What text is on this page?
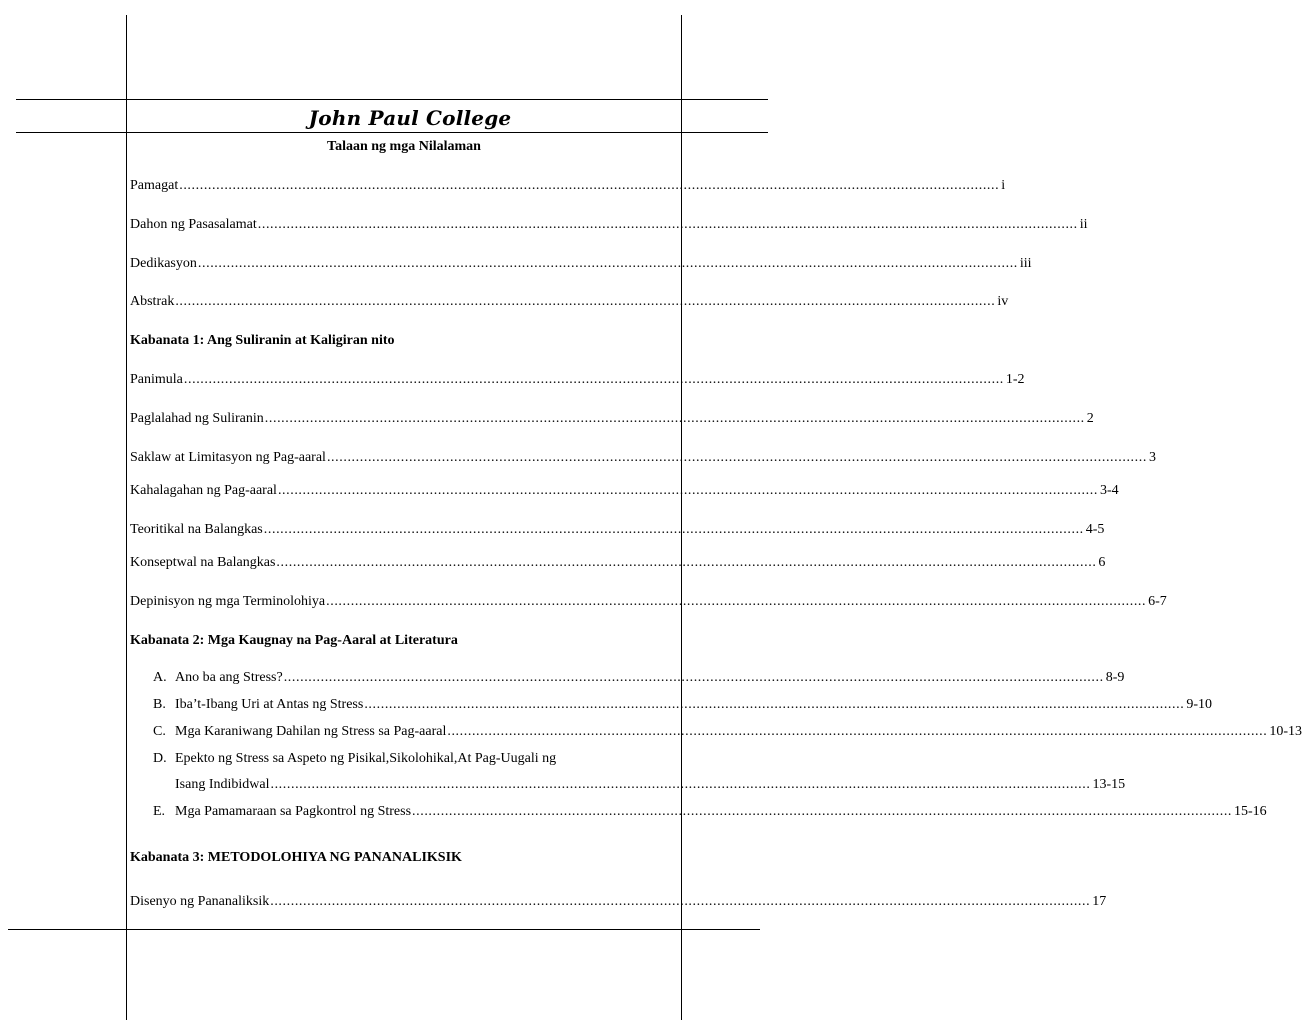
John Paul College
Talaan ng mga Nilalaman
Pamagat ........................................................................................................................................................................................................ i
Dahon ng Pasasalamat ........................................................................................................................................................................................................ ii
Dedikasyon ........................................................................................................................................................................................................ iii
Abstrak ........................................................................................................................................................................................................ iv
Kabanata 1: Ang Suliranin at Kaligiran nito
Panimula ........................................................................................................................................................................................................ 1-2
Paglalahad ng Suliranin ........................................................................................................................................................................................................ 2
Saklaw at Limitasyon ng Pag-aaral ........................................................................................................................................................................................................ 3
Kahalagahan ng Pag-aaral ........................................................................................................................................................................................................ 3-4
Teoritikal na Balangkas ........................................................................................................................................................................................................ 4-5
Konseptwal na Balangkas ........................................................................................................................................................................................................ 6
Depinisyon ng mga Terminolohiya ........................................................................................................................................................................................................ 6-7
Kabanata 2: Mga Kaugnay na Pag-Aaral at Literatura
A. Ano ba ang Stress? ........................................................................................................................................................................................................ 8-9
B. Iba’t-Ibang Uri at Antas ng Stress ........................................................................................................................................................................................................ 9-10
C. Mga Karaniwang Dahilan ng Stress sa Pag-aaral ........................................................................................................................................................................................................ 10-13
D. Epekto ng Stress sa Aspeto ng Pisikal,Sikolohikal,At Pag-Uugali ng
Isang Indibidwal ........................................................................................................................................................................................................ 13-15
E. Mga Pamamaraan sa Pagkontrol ng Stress ........................................................................................................................................................................................................ 15-16
Kabanata 3: METODOLOHIYA NG PANANALIKSIK
Disenyo ng Pananaliksik ........................................................................................................................................................................................................ 17
